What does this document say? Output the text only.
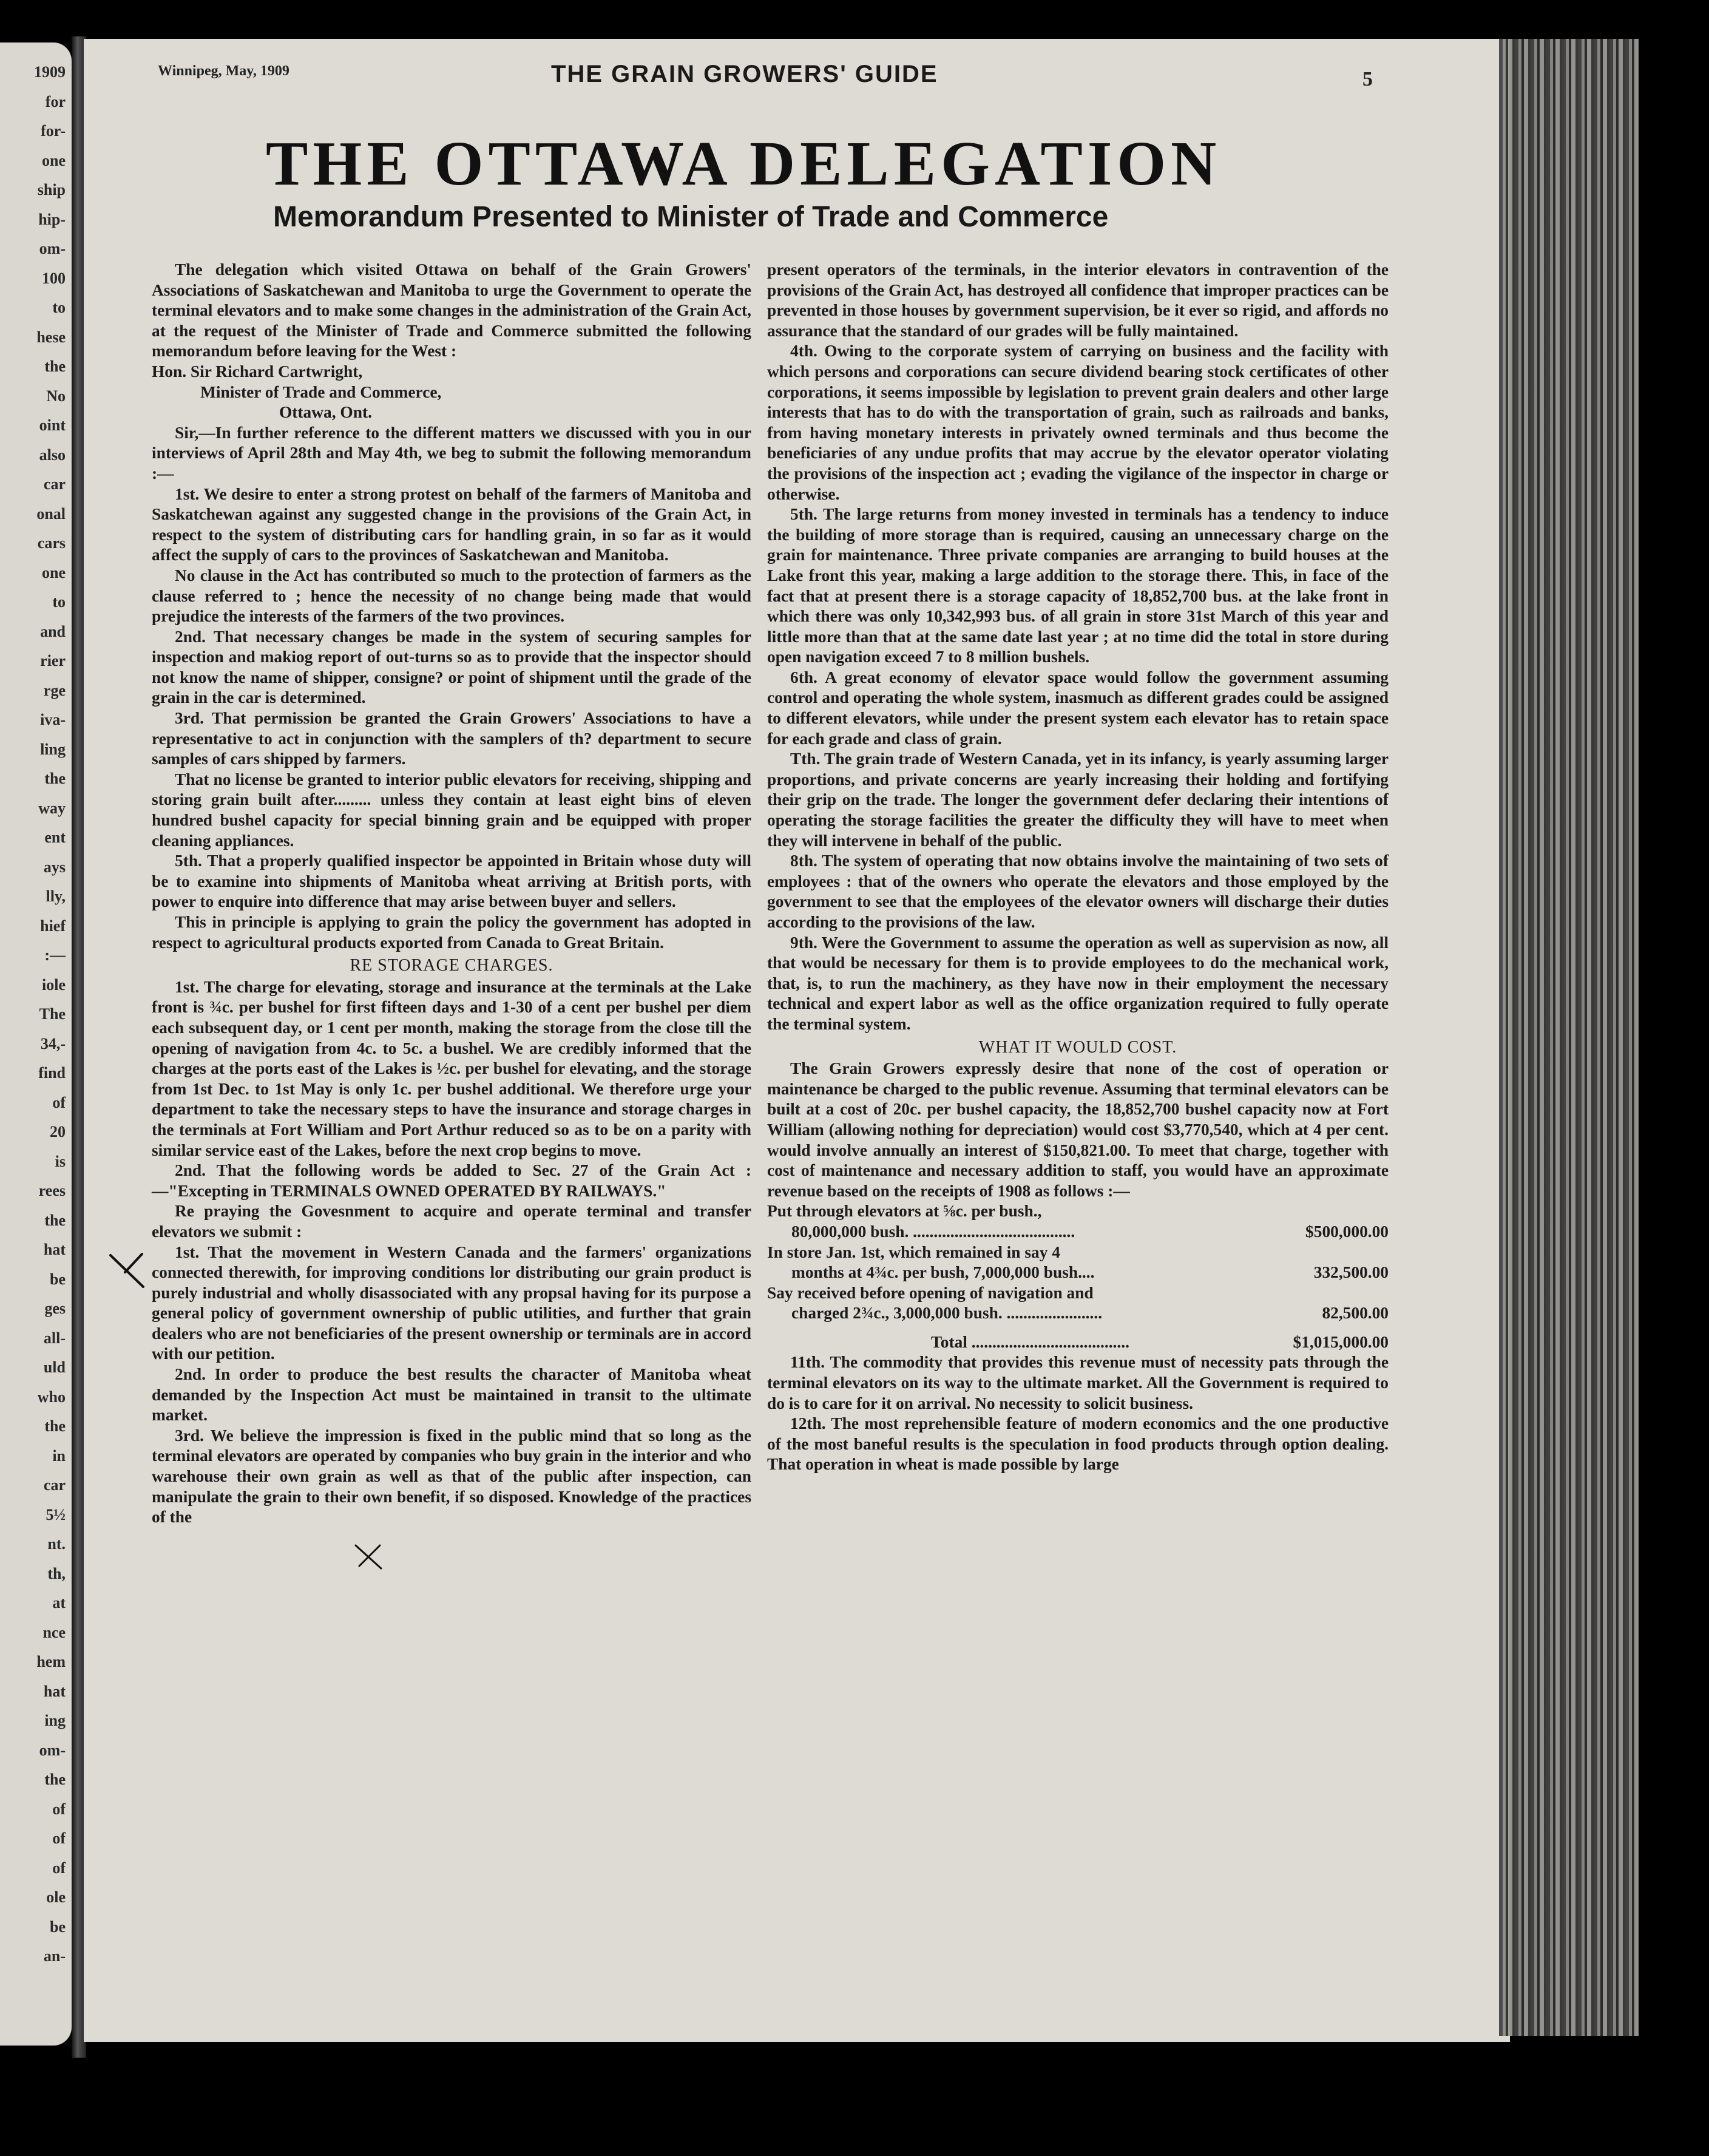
1909
for
for-
one
ship
hip-
om-
100
to
hese
the
No
oint
also
car
onal
cars
one
to
and
rier
rge
iva-
ling
the
way
ent
ays
lly,
hief
:—
iole
The
34,-
find
of
20
is
rees
the
hat
be
ges
all-
uld
who
the
in
car
5½
nt.
th,
at
nce
hem
hat
ing
om-
the
of
of
of
ole
be
an-
Winnipeg, May, 1909	THE GRAIN GROWERS' GUIDE	5
THE OTTAWA DELEGATION
Memorandum Presented to Minister of Trade and Commerce

The delegation which visited Ottawa on behalf of the Grain Growers' Associations of Saskatchewan and Manitoba to urge the Government to operate the terminal elevators and to make some changes in the administration of the Grain Act, at the request of the Minister of Trade and Commerce submitted the following memorandum before leaving for the West :

Hon. Sir Richard Cartwright,

Minister of Trade and Commerce,

Ottawa, Ont.

Sir,—In further reference to the different matters we discussed with you in our interviews of April 28th and May 4th, we beg to submit the following memorandum :—

1st. We desire to enter a strong protest on behalf of the farmers of Manitoba and Saskatchewan against any suggested change in the provisions of the Grain Act, in respect to the system of distributing cars for handling grain, in so far as it would affect the supply of cars to the provinces of Saskatchewan and Manitoba.

No clause in the Act has contributed so much to the protection of farmers as the clause referred to ; hence the necessity of no change being made that would prejudice the interests of the farmers of the two provinces.

2nd. That necessary changes be made in the system of securing samples for inspection and makiog report of out-turns so as to provide that the inspector should not know the name of shipper, consigne? or point of shipment until the grade of the grain in the car is determined.

3rd. That permission be granted the Grain Growers' Associations to have a representative to act in conjunction with the samplers of th? department to secure samples of cars shipped by farmers.

That no license be granted to interior public elevators for receiving, shipping and storing grain built after......... unless they contain at least eight bins of eleven hundred bushel capacity for special binning grain and be equipped with proper cleaning appliances.

5th. That a properly qualified inspector be appointed in Britain whose duty will be to examine into shipments of Manitoba wheat arriving at British ports, with power to enquire into difference that may arise between buyer and sellers.

This in principle is applying to grain the policy the government has adopted in respect to agricultural products exported from Canada to Great Britain.

RE STORAGE CHARGES.

1st. The charge for elevating, storage and insurance at the terminals at the Lake front is ¾c. per bushel for first fifteen days and 1-30 of a cent per bushel per diem each subsequent day, or 1 cent per month, making the storage from the close till the opening of navigation from 4c. to 5c. a bushel. We are credibly informed that the charges at the ports east of the Lakes is ½c. per bushel for elevating, and the storage from 1st Dec. to 1st May is only 1c. per bushel additional. We therefore urge your department to take the necessary steps to have the insurance and storage charges in the terminals at Fort William and Port Arthur reduced so as to be on a parity with similar service east of the Lakes, before the next crop begins to move.

2nd. That the following words be added to Sec. 27 of the Grain Act :—"Excepting in TERMINALS OWNED OPERATED BY RAILWAYS."

Re praying the Govesnment to acquire and operate terminal and transfer elevators we submit :

1st. That the movement in Western Canada and the farmers' organizations connected therewith, for improving conditions lor distributing our grain product is purely industrial and wholly disassociated with any propsal having for its purpose a general policy of government ownership of public utilities, and further that grain dealers who are not beneficiaries of the present ownership or terminals are in accord with our petition.

2nd. In order to produce the best results the character of Manitoba wheat demanded by the Inspection Act must be maintained in transit to the ultimate market.

3rd. We believe the impression is fixed in the public mind that so long as the terminal elevators are operated by companies who buy grain in the interior and who warehouse their own grain as well as that of the public after inspection, can manipulate the grain to their own benefit, if so disposed. Knowledge of the practices of the

present operators of the terminals, in the interior elevators in contravention of the provisions of the Grain Act, has destroyed all confidence that improper practices can be prevented in those houses by government supervision, be it ever so rigid, and affords no assurance that the standard of our grades will be fully maintained.

4th. Owing to the corporate system of carrying on business and the facility with which persons and corporations can secure dividend bearing stock certificates of other corporations, it seems impossible by legislation to prevent grain dealers and other large interests that has to do with the transportation of grain, such as railroads and banks, from having monetary interests in privately owned terminals and thus become the beneficiaries of any undue profits that may accrue by the elevator operator violating the provisions of the inspection act ; evading the vigilance of the inspector in charge or otherwise.

5th. The large returns from money invested in terminals has a tendency to induce the building of more storage than is required, causing an unnecessary charge on the grain for maintenance. Three private companies are arranging to build houses at the Lake front this year, making a large addition to the storage there. This, in face of the fact that at present there is a storage capacity of 18,852,700 bus. at the lake front in which there was only 10,342,993 bus. of all grain in store 31st March of this year and little more than that at the same date last year ; at no time did the total in store during open navigation exceed 7 to 8 million bushels.

6th. A great economy of elevator space would follow the government assuming control and operating the whole system, inasmuch as different grades could be assigned to different elevators, while under the present system each elevator has to retain space for each grade and class of grain.

Tth. The grain trade of Western Canada, yet in its infancy, is yearly assuming larger proportions, and private concerns are yearly increasing their holding and fortifying their grip on the trade. The longer the government defer declaring their intentions of operating the storage facilities the greater the difficulty they will have to meet when they will intervene in behalf of the public.

8th. The system of operating that now obtains involve the maintaining of two sets of employees : that of the owners who operate the elevators and those employed by the government to see that the employees of the elevator owners will discharge their duties according to the provisions of the law.

9th. Were the Government to assume the operation as well as supervision as now, all that would be necessary for them is to provide employees to do the mechanical work, that, is, to run the machinery, as they have now in their employment the necessary technical and expert labor as well as the office organization required to fully operate the terminal system.

WHAT IT WOULD COST.

The Grain Growers expressly desire that none of the cost of operation or maintenance be charged to the public revenue. Assuming that terminal elevators can be built at a cost of 20c. per bushel capacity, the 18,852,700 bushel capacity now at Fort William (allowing nothing for depreciation) would cost $3,770,540, which at 4 per cent. would involve annually an interest of $150,821.00. To meet that charge, together with cost of maintenance and necessary addition to staff, you would have an approximate revenue based on the receipts of 1908 as follows :—

Put through elevators at ⅝c. per bush.,	
80,000,000 bush. .......................................	$500,000.00
In store Jan. 1st, which remained in say 4	
months at 4¾c. per bush, 7,000,000 bush....	332,500.00
Say received before opening of navigation and	
charged 2¾c., 3,000,000 bush. .......................	82,500.00
Total ......................................	$1,015,000.00

11th. The commodity that provides this revenue must of necessity pats through the terminal elevators on its way to the ultimate market. All the Government is required to do is to care for it on arrival. No necessity to solicit business.

12th. The most reprehensible feature of modern economics and the one productive of the most baneful results is the speculation in food products through option dealing. That operation in wheat is made possible by large
